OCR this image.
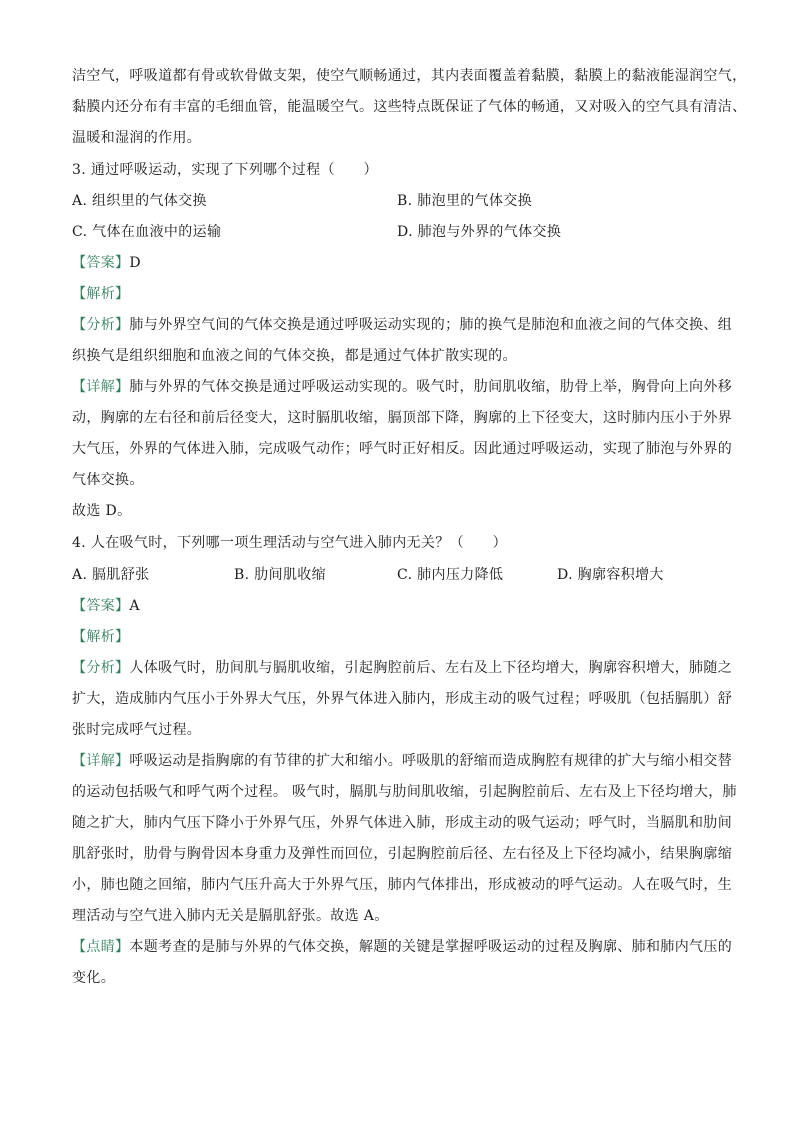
洁空气，呼吸道都有骨或软骨做支架，使空气顺畅通过，其内表面覆盖着黏膜，黏膜上的黏液能湿润空气，
黏膜内还分布有丰富的毛细血管，能温暖空气。这些特点既保证了气体的畅通，又对吸入的空气具有清洁、
温暖和湿润的作用。
3. 通过呼吸运动，实现了下列哪个过程（　　）
A. 组织里的气体交换	B. 肺泡里的气体交换
C. 气体在血液中的运输	D. 肺泡与外界的气体交换
【答案】D
【解析】
【分析】肺与外界空气间的气体交换是通过呼吸运动实现的；肺的换气是肺泡和血液之间的气体交换、组
织换气是组织细胞和血液之间的气体交换，都是通过气体扩散实现的。
【详解】肺与外界的气体交换是通过呼吸运动实现的。吸气时，肋间肌收缩，肋骨上举，胸骨向上向外移
动，胸廓的左右径和前后径变大，这时膈肌收缩，膈顶部下降，胸廓的上下径变大，这时肺内压小于外界
大气压，外界的气体进入肺，完成吸气动作；呼气时正好相反。因此通过呼吸运动，实现了肺泡与外界的
气体交换。
故选 D。
4. 人在吸气时，下列哪一项生理活动与空气进入肺内无关？（　　）
A. 膈肌舒张	B. 肋间肌收缩	C. 肺内压力降低	D. 胸廓容积增大
【答案】A
【解析】
【分析】人体吸气时，肋间肌与膈肌收缩，引起胸腔前后、左右及上下径均增大，胸廓容积增大，肺随之
扩大，造成肺内气压小于外界大气压，外界气体进入肺内，形成主动的吸气过程；呼吸肌（包括膈肌）舒
张时完成呼气过程。
【详解】呼吸运动是指胸廓的有节律的扩大和缩小。呼吸肌的舒缩而造成胸腔有规律的扩大与缩小相交替
的运动包括吸气和呼气两个过程。 吸气时，膈肌与肋间肌收缩，引起胸腔前后、左右及上下径均增大，肺
随之扩大，肺内气压下降小于外界气压，外界气体进入肺，形成主动的吸气运动；呼气时，当膈肌和肋间
肌舒张时，肋骨与胸骨因本身重力及弹性而回位，引起胸腔前后径、左右径及上下径均减小，结果胸廓缩
小，肺也随之回缩，肺内气压升高大于外界气压，肺内气体排出，形成被动的呼气运动。人在吸气时，生
理活动与空气进入肺内无关是膈肌舒张。故选 A。
【点睛】本题考查的是肺与外界的气体交换，解题的关键是掌握呼吸运动的过程及胸廓、肺和肺内气压的
变化。
